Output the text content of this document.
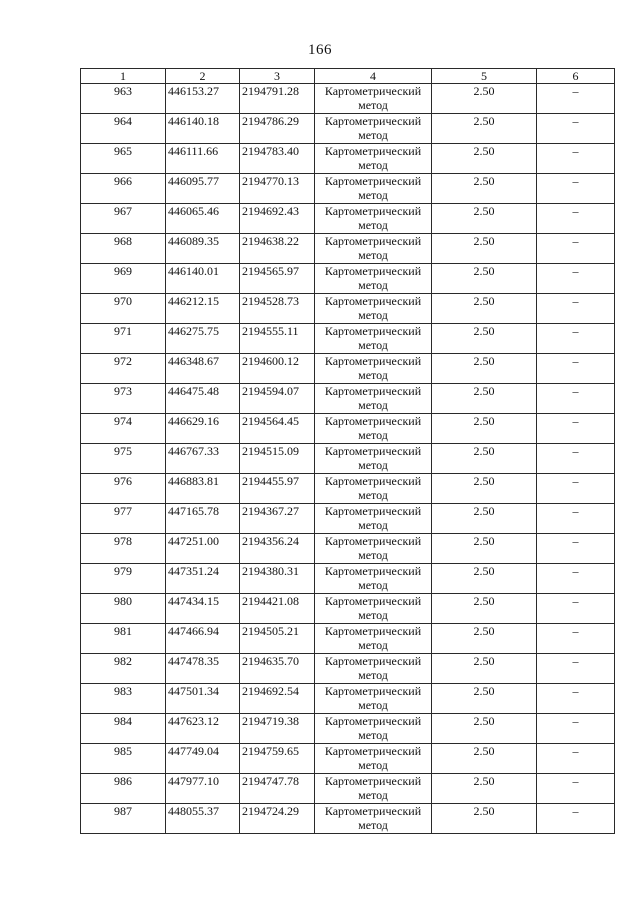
166
1	2	3	4	5	6
963	446153.27	2194791.28	Картометрический метод	2.50	–
964	446140.18	2194786.29	Картометрический метод	2.50	–
965	446111.66	2194783.40	Картометрический метод	2.50	–
966	446095.77	2194770.13	Картометрический метод	2.50	–
967	446065.46	2194692.43	Картометрический метод	2.50	–
968	446089.35	2194638.22	Картометрический метод	2.50	–
969	446140.01	2194565.97	Картометрический метод	2.50	–
970	446212.15	2194528.73	Картометрический метод	2.50	–
971	446275.75	2194555.11	Картометрический метод	2.50	–
972	446348.67	2194600.12	Картометрический метод	2.50	–
973	446475.48	2194594.07	Картометрический метод	2.50	–
974	446629.16	2194564.45	Картометрический метод	2.50	–
975	446767.33	2194515.09	Картометрический метод	2.50	–
976	446883.81	2194455.97	Картометрический метод	2.50	–
977	447165.78	2194367.27	Картометрический метод	2.50	–
978	447251.00	2194356.24	Картометрический метод	2.50	–
979	447351.24	2194380.31	Картометрический метод	2.50	–
980	447434.15	2194421.08	Картометрический метод	2.50	–
981	447466.94	2194505.21	Картометрический метод	2.50	–
982	447478.35	2194635.70	Картометрический метод	2.50	–
983	447501.34	2194692.54	Картометрический метод	2.50	–
984	447623.12	2194719.38	Картометрический метод	2.50	–
985	447749.04	2194759.65	Картометрический метод	2.50	–
986	447977.10	2194747.78	Картометрический метод	2.50	–
987	448055.37	2194724.29	Картометрический метод	2.50	–
